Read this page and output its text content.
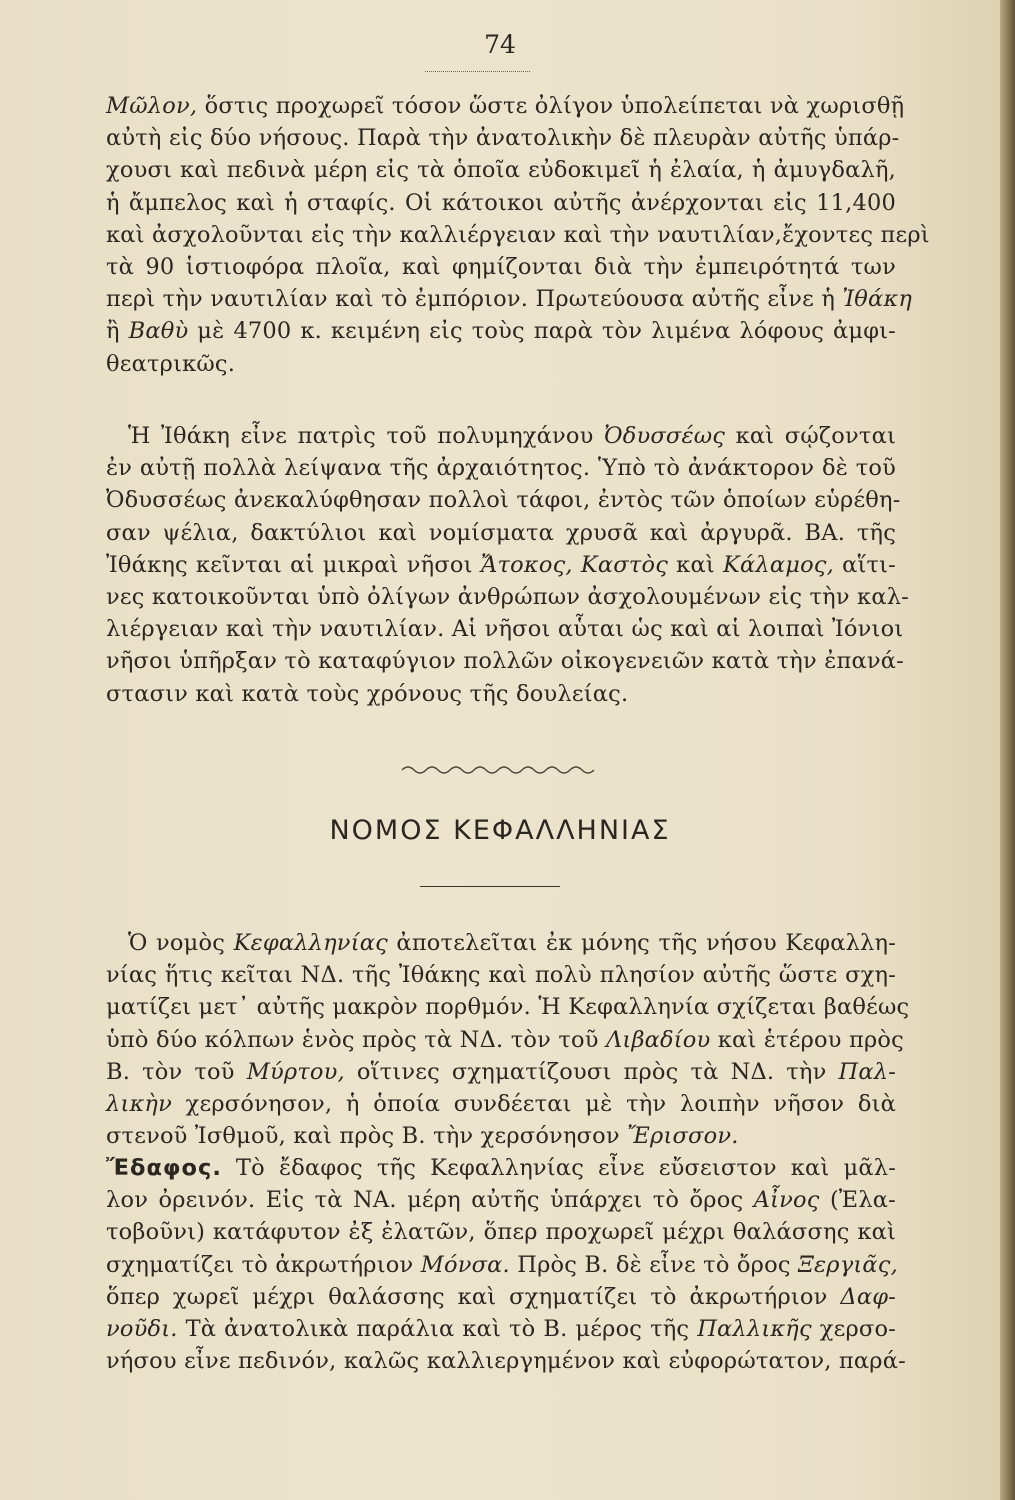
74
Μῶλον, ὅστις προχωρεῖ τόσον ὥστε ὀλίγον ὑπολείπεται νὰ χωρισθῇ
αὐτὴ εἰς δύο νήσους. Παρὰ τὴν ἀνατολικὴν δὲ πλευρὰν αὐτῆς ὑπάρ-
χουσι καὶ πεδινὰ μέρη εἰς τὰ ὁποῖα εὐδοκιμεῖ ἡ ἐλαία, ἡ ἀμυγδαλῆ,
ἡ ἄμπελος καὶ ἡ σταφίς. Οἱ κάτοικοι αὐτῆς ἀνέρχονται εἰς 11,400
καὶ ἀσχολοῦνται εἰς τὴν καλλιέργειαν καὶ τὴν ναυτιλίαν,ἔχοντες περὶ
τὰ 90 ἱστιοφόρα πλοῖα, καὶ φημίζονται διὰ τὴν ἐμπειρότητά των
περὶ τὴν ναυτιλίαν καὶ τὸ ἐμπόριον. Πρωτεύουσα αὐτῆς εἶνε ἡ Ἰθάκη
ἢ Βαθὺ μὲ 4700 κ. κειμένη εἰς τοὺς παρὰ τὸν λιμένα λόφους ἀμφι-
θεατρικῶς.
Ἡ Ἰθάκη εἶνε πατρὶς τοῦ πολυμηχάνου Ὀδυσσέως καὶ σῴζονται
ἐν αὐτῇ πολλὰ λείψανα τῆς ἀρχαιότητος. Ὑπὸ τὸ ἀνάκτορον δὲ τοῦ
Ὀδυσσέως ἀνεκαλύφθησαν πολλοὶ τάφοι, ἐντὸς τῶν ὁποίων εὑρέθη-
σαν ψέλια, δακτύλιοι καὶ νομίσματα χρυσᾶ καὶ ἀργυρᾶ. ΒΑ. τῆς
Ἰθάκης κεῖνται αἱ μικραὶ νῆσοι Ἄτοκος, Καστὸς καὶ Κάλαμος, αἵτι-
νες κατοικοῦνται ὑπὸ ὀλίγων ἀνθρώπων ἀσχολουμένων εἰς τὴν καλ-
λιέργειαν καὶ τὴν ναυτιλίαν. Αἱ νῆσοι αὗται ὡς καὶ αἱ λοιπαὶ Ἰόνιοι
νῆσοι ὑπῆρξαν τὸ καταφύγιον πολλῶν οἰκογενειῶν κατὰ τὴν ἐπανά-
στασιν καὶ κατὰ τοὺς χρόνους τῆς δουλείας.
ΝΟΜΟΣ ΚΕΦΑΛΛΗΝΙΑΣ
Ὁ νομὸς Κεφαλληνίας ἀποτελεῖται ἐκ μόνης τῆς νήσου Κεφαλλη-
νίας ἥτις κεῖται ΝΔ. τῆς Ἰθάκης καὶ πολὺ πλησίον αὐτῆς ὥστε σχη-
ματίζει μετ᾽ αὐτῆς μακρὸν πορθμόν. Ἡ Κεφαλληνία σχίζεται βαθέως
ὑπὸ δύο κόλπων ἑνὸς πρὸς τὰ ΝΔ. τὸν τοῦ Λιβαδίου καὶ ἑτέρου πρὸς
Β. τὸν τοῦ Μύρτου, οἵτινες σχηματίζουσι πρὸς τὰ ΝΔ. τὴν Παλ-
λικὴν χερσόνησον, ἡ ὁποία συνδέεται μὲ τὴν λοιπὴν νῆσον διὰ
στενοῦ Ἰσθμοῦ, καὶ πρὸς Β. τὴν χερσόνησον Ἔρισσον.
Ἔδαφος. Τὸ ἔδαφος τῆς Κεφαλληνίας εἶνε εὔσειστον καὶ μᾶλ-
λον ὀρεινόν. Εἰς τὰ ΝΑ. μέρη αὐτῆς ὑπάρχει τὸ ὄρος Αἶνος (Ἐλα-
τοβοῦνι) κατάφυτον ἐξ ἐλατῶν, ὅπερ προχωρεῖ μέχρι θαλάσσης καὶ
σχηματίζει τὸ ἀκρωτήριον Μόνσα. Πρὸς Β. δὲ εἶνε τὸ ὄρος Ξεργιᾶς,
ὅπερ χωρεῖ μέχρι θαλάσσης καὶ σχηματίζει τὸ ἀκρωτήριον Δαφ-
νοῦδι. Τὰ ἀνατολικὰ παράλια καὶ τὸ Β. μέρος τῆς Παλλικῆς χερσο-
νήσου εἶνε πεδινόν, καλῶς καλλιεργημένον καὶ εὐφορώτατον, παρά-
